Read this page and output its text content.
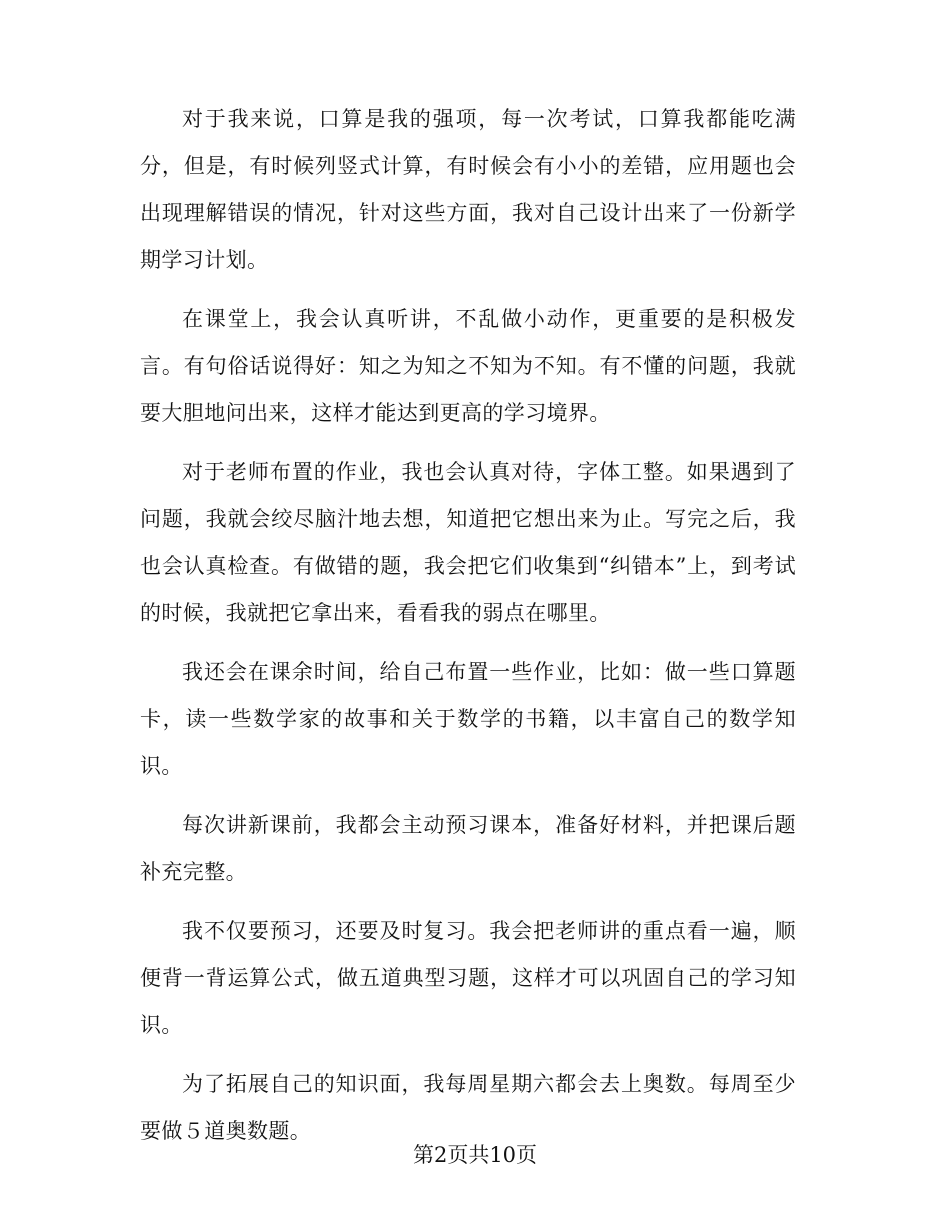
对于我来说，口算是我的强项，每一次考试，口算我都能吃满分，但是，有时候列竖式计算，有时候会有小小的差错，应用题也会出现理解错误的情况，针对这些方面，我对自己设计出来了一份新学期学习计划。

在课堂上，我会认真听讲，不乱做小动作，更重要的是积极发言。有句俗话说得好：知之为知之不知为不知。有不懂的问题，我就要大胆地问出来，这样才能达到更高的学习境界。

对于老师布置的作业，我也会认真对待，字体工整。如果遇到了问题，我就会绞尽脑汁地去想，知道把它想出来为止。写完之后，我也会认真检查。有做错的题，我会把它们收集到“纠错本”上，到考试的时候，我就把它拿出来，看看我的弱点在哪里。

我还会在课余时间，给自己布置一些作业，比如：做一些口算题卡，读一些数学家的故事和关于数学的书籍，以丰富自己的数学知识。

每次讲新课前，我都会主动预习课本，准备好材料，并把课后题补充完整。

我不仅要预习，还要及时复习。我会把老师讲的重点看一遍，顺便背一背运算公式，做五道典型习题，这样才可以巩固自己的学习知识。

为了拓展自己的知识面，我每周星期六都会去上奥数。每周至少要做５道奥数题。

第2页共10页
